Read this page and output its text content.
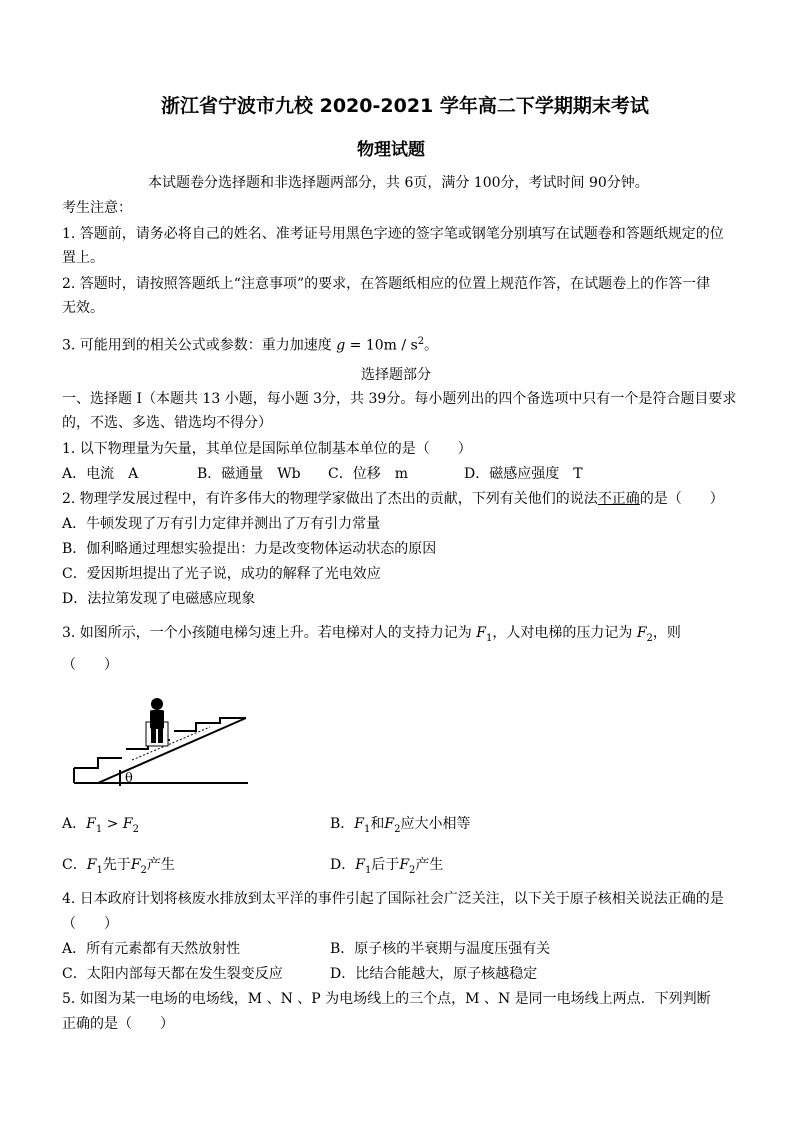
浙江省宁波市九校 2020-2021 学年高二下学期期末考试
物理试题
本试题卷分选择题和非选择题两部分，共 6页，满分 100分，考试时间 90分钟。
考生注意：
1. 答题前，请务必将自己的姓名、准考证号用黑色字迹的签字笔或钢笔分别填写在试题卷和答题纸规定的位
置上。
2. 答题时，请按照答题纸上“注意事项”的要求，在答题纸相应的位置上规范作答，在试题卷上的作答一律
无效。
3. 可能用到的相关公式或参数：重力加速度 $g = 10m / s^2$。
选择题部分
一、选择题 I（本题共 13 小题，每小题 3分，共 39分。每小题列出的四个备选项中只有一个是符合题目要求
的，不选、多选、错选均不得分）
1. 以下物理量为矢量，其单位是国际单位制基本单位的是（　　）
A．电流　A	B．磁通量　Wb C．位移　m	D．磁感应强度　T
2. 物理学发展过程中，有许多伟大的物理学家做出了杰出的贡献，下列有关他们的说法不正确的是（　　）
A．牛顿发现了万有引力定律并测出了万有引力常量
B．伽利略通过理想实验提出：力是改变物体运动状态的原因
C．爱因斯坦提出了光子说，成功的解释了光电效应
D．法拉第发现了电磁感应现象
3. 如图所示，一个小孩随电梯匀速上升。若电梯对人的支持力记为 $F_1$，人对电梯的压力记为 $F_2$，则
（　　）
θ
A．$F_1 > F_2$	B．$F_1$和$F_2$应大小相等
C．$F_1$先于$F_2$产生	D．$F_1$后于$F_2$产生
4. 日本政府计划将核废水排放到太平洋的事件引起了国际社会广泛关注，以下关于原子核相关说法正确的是
（　　）
A．所有元素都有天然放射性	B．原子核的半衰期与温度压强有关
C．太阳内部每天都在发生裂变反应	D．比结合能越大，原子核越稳定
5. 如图为某一电场的电场线，M 、N 、P 为电场线上的三个点，M 、N 是同一电场线上两点．下列判断
正确的是（　　）
